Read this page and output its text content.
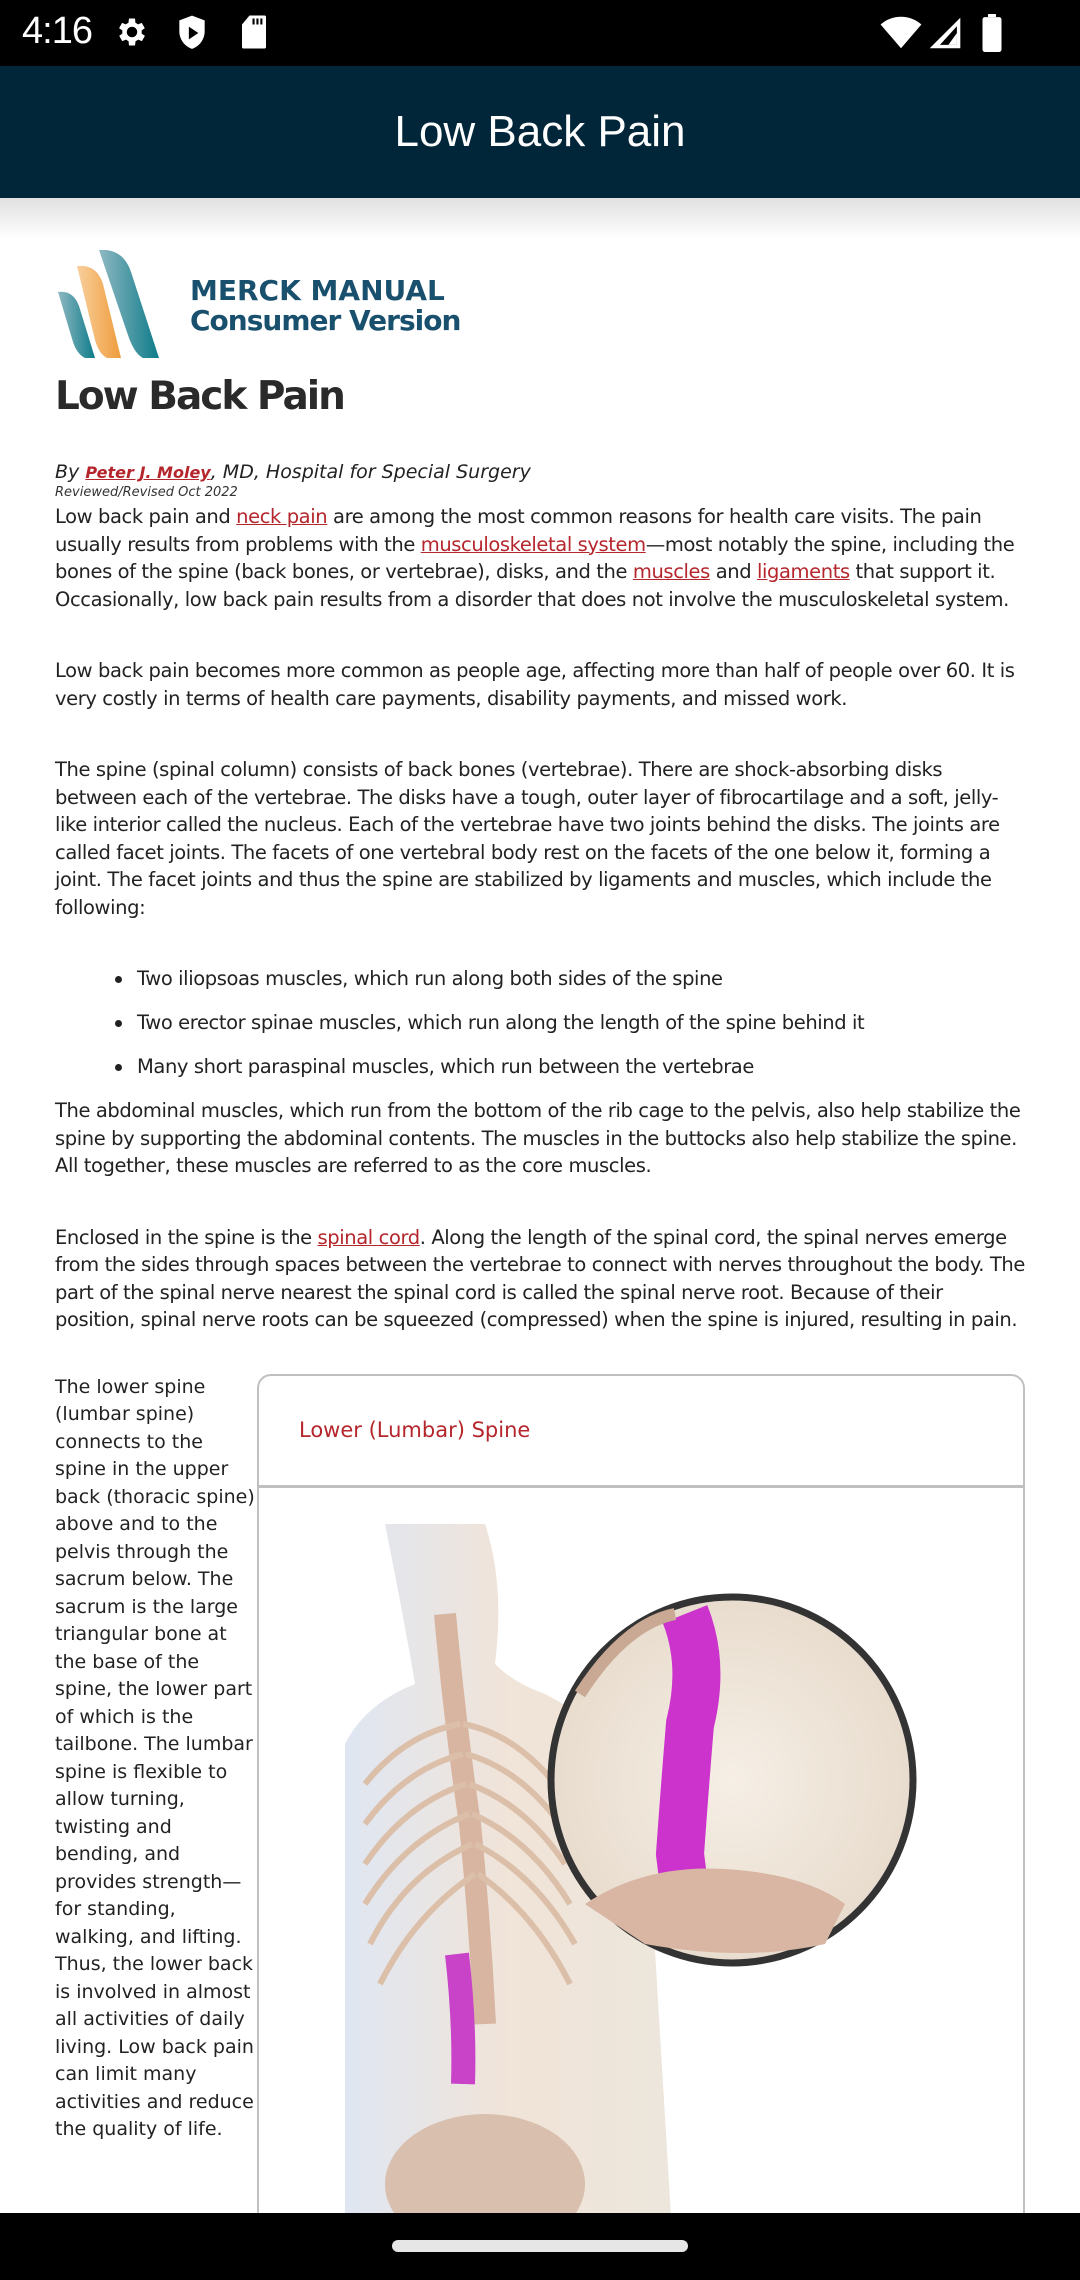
4:16
Low Back Pain
MERCK MANUAL
Consumer Version
Low Back Pain
By Peter J. Moley, MD, Hospital for Special Surgery
Reviewed/Revised Oct 2022

Low back pain and neck pain are among the most common reasons for health care visits. The pain usually results from problems with the musculoskeletal system—most notably the spine, including the bones of the spine (back bones, or vertebrae), disks, and the muscles and ligaments that support it. Occasionally, low back pain results from a disorder that does not involve the musculoskeletal system.

Low back pain becomes more common as people age, affecting more than half of people over 60. It is very costly in terms of health care payments, disability payments, and missed work.

The spine (spinal column) consists of back bones (vertebrae). There are shock-absorbing disks between each of the vertebrae. The disks have a tough, outer layer of fibrocartilage and a soft, jelly-like interior called the nucleus. Each of the vertebrae have two joints behind the disks. The joints are called facet joints. The facets of one vertebral body rest on the facets of the one below it, forming a joint. The facet joints and thus the spine are stabilized by ligaments and muscles, which include the following:

Two iliopsoas muscles, which run along both sides of the spine
Two erector spinae muscles, which run along the length of the spine behind it
Many short paraspinal muscles, which run between the vertebrae

The abdominal muscles, which run from the bottom of the rib cage to the pelvis, also help stabilize the spine by supporting the abdominal contents. The muscles in the buttocks also help stabilize the spine. All together, these muscles are referred to as the core muscles.

Enclosed in the spine is the spinal cord. Along the length of the spinal cord, the spinal nerves emerge from the sides through spaces between the vertebrae to connect with nerves throughout the body. The part of the spinal nerve nearest the spinal cord is called the spinal nerve root. Because of their position, spinal nerve roots can be squeezed (compressed) when the spine is injured, resulting in pain.

The lower spine (lumbar spine) connects to the spine in the upper back (thoracic spine) above and to the pelvis through the sacrum below. The sacrum is the large triangular bone at the base of the spine, the lower part of which is the tailbone. The lumbar spine is flexible to allow turning, twisting and bending, and provides strength—for standing, walking, and lifting. Thus, the lower back is involved in almost all activities of daily living. Low back pain can limit many activities and reduce the quality of life.
Lower (Lumbar) Spine
